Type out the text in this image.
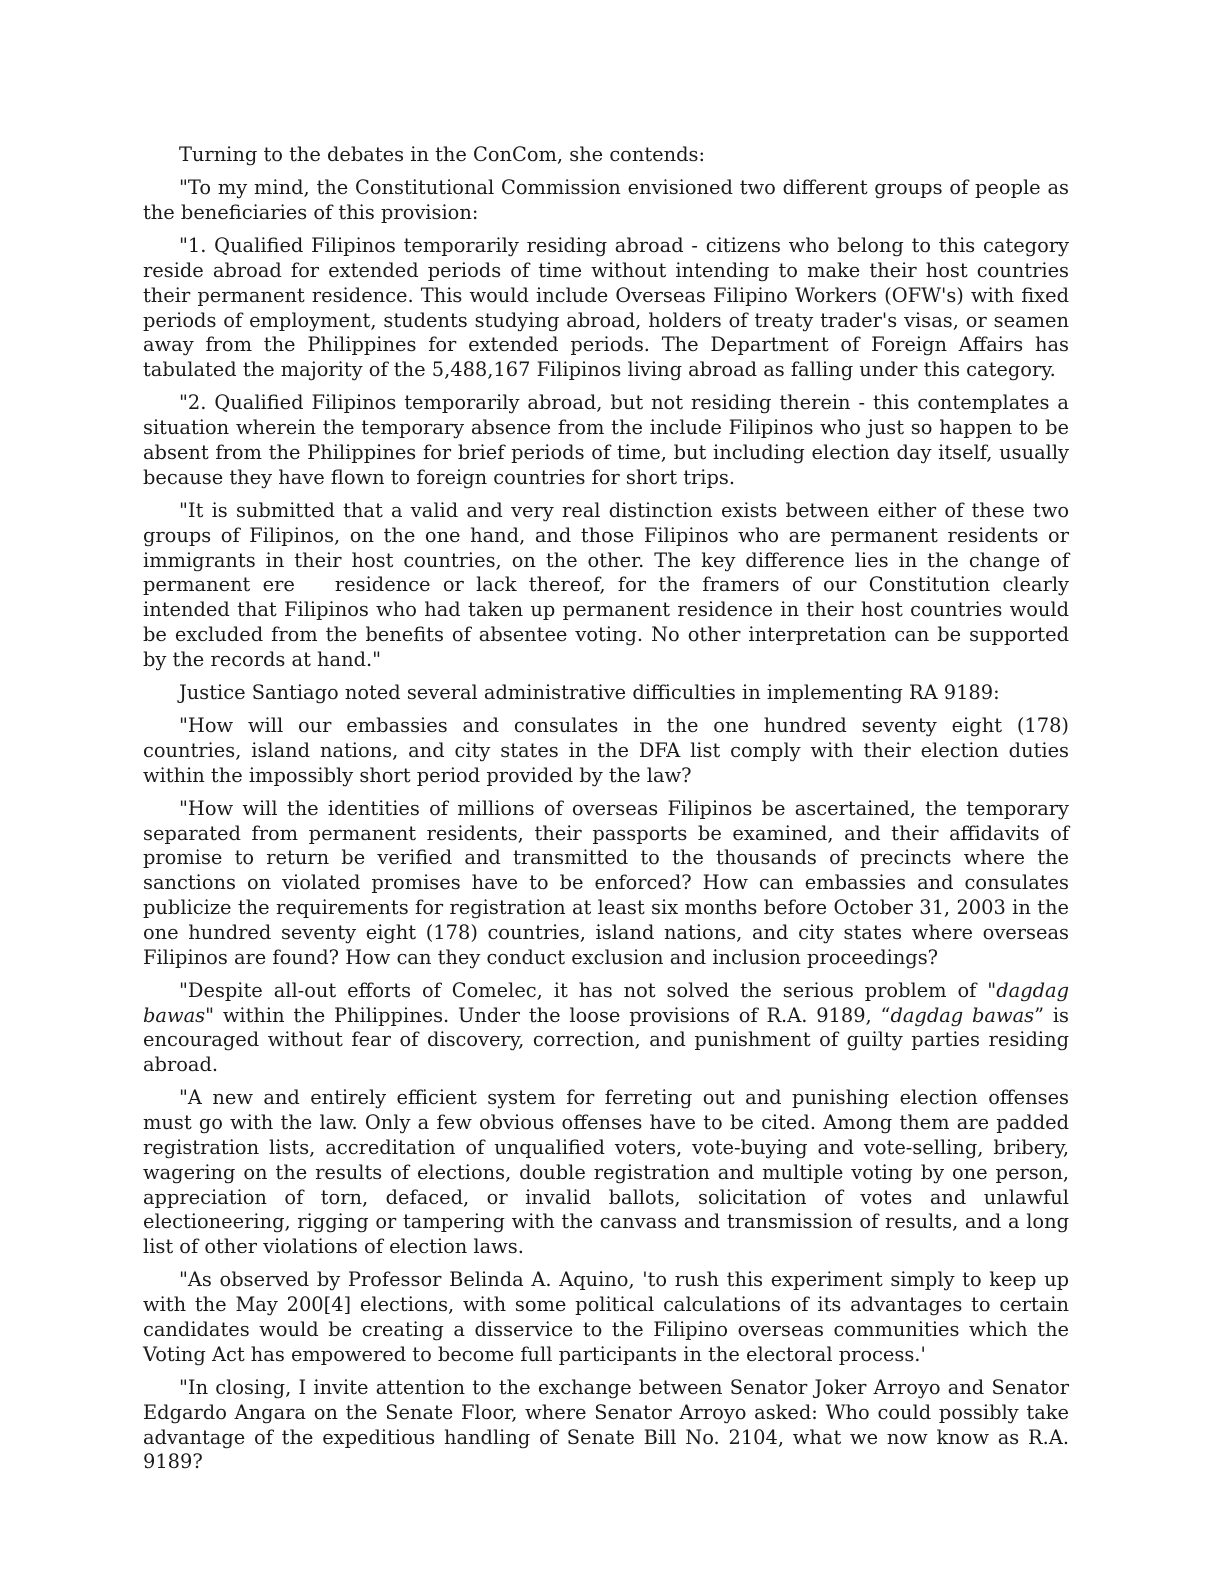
Turning to the debates in the ConCom, she contends:

"To my mind, the Constitutional Commission envisioned two different groups of people as the beneficiaries of this provision:

"1. Qualified Filipinos temporarily residing abroad - citizens who belong to this category reside abroad for extended periods of time without intending to make their host countries their permanent residence. This would include Overseas Filipino Workers (OFW's) with fixed periods of employment, students studying abroad, holders of treaty trader's visas, or seamen away from the Philippines for extended periods. The Department of Foreign Affairs has tabulated the majority of the 5,488,167 Filipinos living abroad as falling under this category.

"2. Qualified Filipinos temporarily abroad, but not residing therein - this contemplates a situation wherein the temporary absence from the include Filipinos who just so happen to be absent from the Philippines for brief periods of time, but including election day itself, usually because they have flown to foreign countries for short trips.

"It is submitted that a valid and very real distinction exists between either of these two groups of Filipinos, on the one hand, and those Filipinos who are permanent residents or immigrants in their host countries, on the other. The key difference lies in the change of permanent ere residence or lack thereof, for the framers of our Constitution clearly intended that Filipinos who had taken up permanent residence in their host countries would be excluded from the benefits of absentee voting. No other interpretation can be supported by the records at hand."

Justice Santiago noted several administrative difficulties in implementing RA 9189:

"How will our embassies and consulates in the one hundred seventy eight (178) countries, island nations, and city states in the DFA list comply with their election duties within the impossibly short period provided by the law?

"How will the identities of millions of overseas Filipinos be ascertained, the temporary separated from permanent residents, their passports be examined, and their affidavits of promise to return be verified and transmitted to the thousands of precincts where the sanctions on violated promises have to be enforced? How can embassies and consulates publicize the requirements for registration at least six months before October 31, 2003 in the one hundred seventy eight (178) countries, island nations, and city states where overseas Filipinos are found? How can they conduct exclusion and inclusion proceedings?

"Despite all-out efforts of Comelec, it has not solved the serious problem of "dagdag bawas" within the Philippines. Under the loose provisions of R.A. 9189, “dagdag bawas” is encouraged without fear of discovery, correction, and punishment of guilty parties residing abroad.

"A new and entirely efficient system for ferreting out and punishing election offenses must go with the law. Only a few obvious offenses have to be cited. Among them are padded registration lists, accreditation of unqualified voters, vote-buying and vote-selling, bribery, wagering on the results of elections, double registration and multiple voting by one person, appreciation of torn, defaced, or invalid ballots, solicitation of votes and unlawful electioneering, rigging or tampering with the canvass and transmission of results, and a long list of other violations of election laws.

"As observed by Professor Belinda A. Aquino, 'to rush this experiment simply to keep up with the May 200[4] elections, with some political calculations of its advantages to certain candidates would be creating a disservice to the Filipino overseas communities which the Voting Act has empowered to become full participants in the electoral process.'

"In closing, I invite attention to the exchange between Senator Joker Arroyo and Senator Edgardo Angara on the Senate Floor, where Senator Arroyo asked: Who could possibly take advantage of the expeditious handling of Senate Bill No. 2104, what we now know as R.A. 9189?
